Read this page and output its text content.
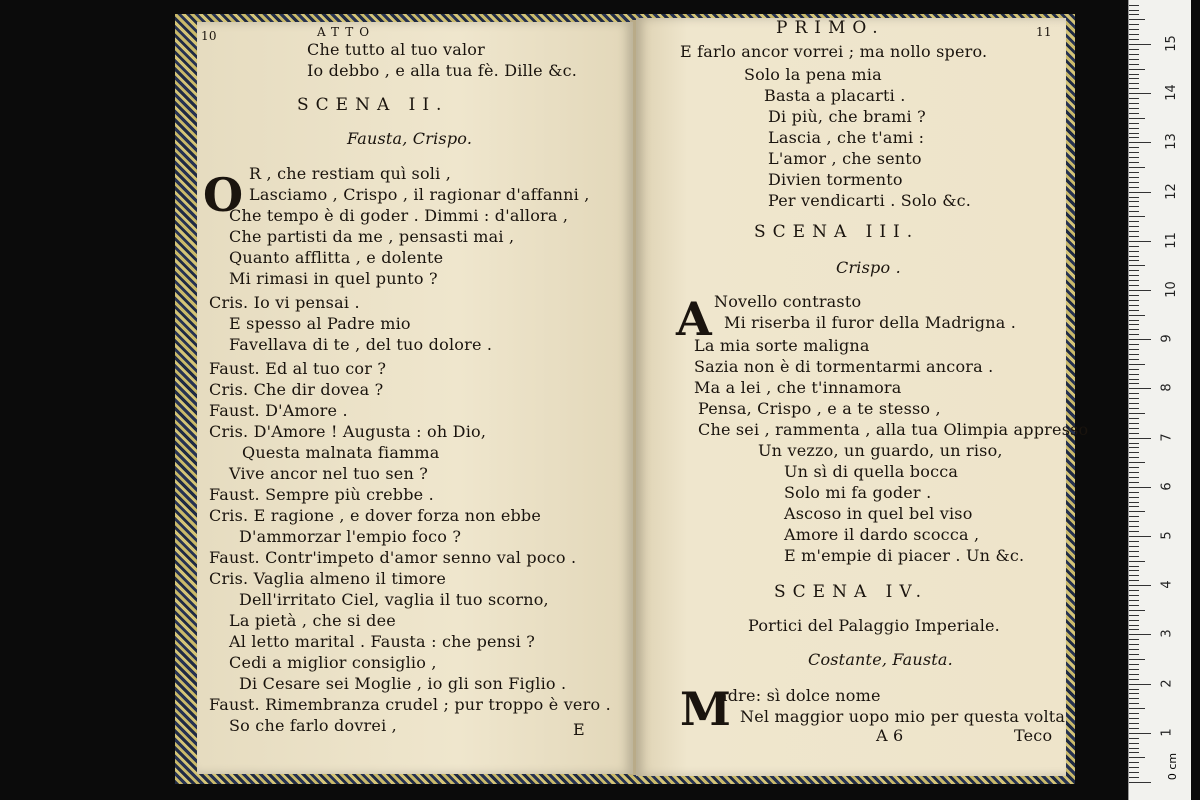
ATTO
10
Che tutto al tuo valor
Io debbo , e alla tua fè. Dille &c.
SCENA II.
Fausta, Crispo.
R , che restiam quì soli ,
Lasciamo , Crispo , il ragionar d'affanni ,
Che tempo è di goder . Dimmi : d'allora ,
Che partisti da me , pensasti mai ,
Quanto afflitta , e dolente
Mi rimasi in quel punto ?
Cris. Io vi pensai .
E spesso al Padre mio
Favellava di te , del tuo dolore .
Faust. Ed al tuo cor ?
Cris. Che dir dovea ?
Faust. D'Amore .
Cris. D'Amore ! Augusta : oh Dio,
Questa malnata fiamma
Vive ancor nel tuo sen ?
Faust. Sempre più crebbe .
Cris. E ragione , e dover forza non ebbe
D'ammorzar l'empio foco ?
Faust. Contr'impeto d'amor senno val poco .
Cris. Vaglia almeno il timore
Dell'irritato Ciel, vaglia il tuo scorno,
La pietà , che si dee
Al letto marital . Fausta : che pensi ?
Cedi a miglior consiglio ,
Di Cesare sei Moglie , io gli son Figlio .
Faust. Rimembranza crudel ; pur troppo è vero .
So che farlo dovrei ,
O
E
PRIMO.	11
E farlo ancor vorrei ; ma nollo spero.
Solo la pena mia
Basta a placarti .
Di più, che brami ?
Lascia , che t'ami :
L'amor , che sento
Divien tormento
Per vendicarti . Solo &c.
SCENA III.
Crispo .
Novello contrasto
Mi riserba il furor della Madrigna .
La mia sorte maligna
Sazia non è di tormentarmi ancora .
Ma a lei , che t'innamora
Pensa, Crispo , e a te stesso ,
Che sei , rammenta , alla tua Olimpia appresso
Un vezzo, un guardo, un riso,
Un sì di quella bocca
Solo mi fa goder .
Ascoso in quel bel viso
Amore il dardo scocca ,
E m'empie di piacer . Un &c.
SCENA IV.
Portici del Palaggio Imperiale.
Costante, Fausta.
adre: sì dolce nome
Nel maggior uopo mio per questa volta
A
M	A 6	Teco
0 cm
1
2
3
4
5
6
7
8
9
10
11
12
13
14
15
